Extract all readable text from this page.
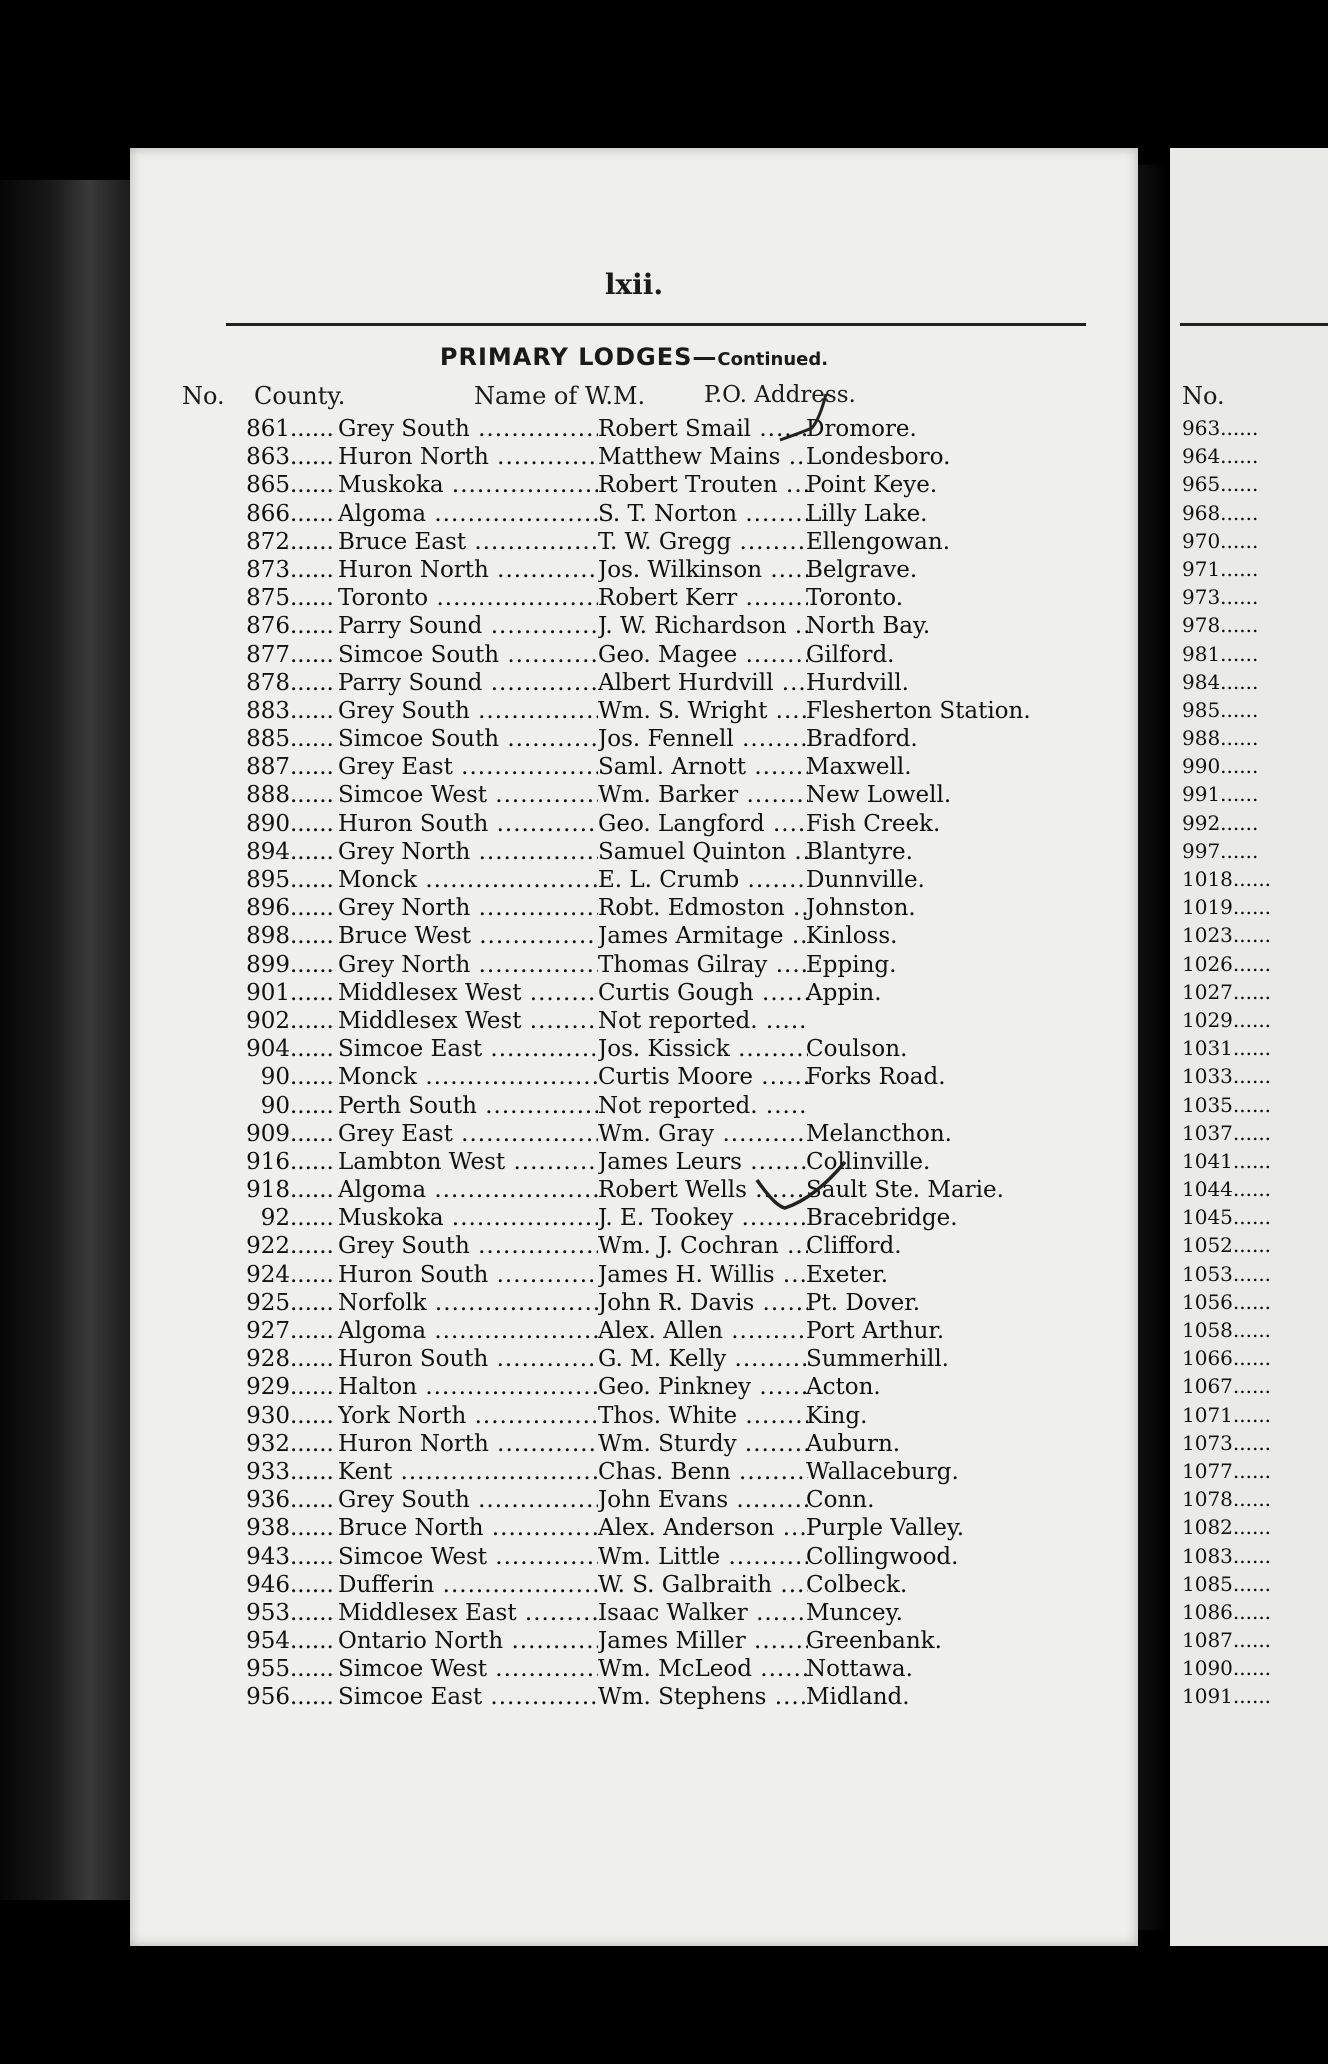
lxii.
PRIMARY LODGES—Continued.
No. County.	Name of W.M.	P.O. Address.
861 ...... Grey South .....	Robert Smail .....	Dromore.
863 ...... Huron North .....	Matthew Mains .....	Londesboro.
865 ...... Muskoka .....	Robert Trouten .....	Point Keye.
866 ...... Algoma .....	S. T. Norton .....	Lilly Lake.
872 ...... Bruce East .....	T. W. Gregg .....	Ellengowan.
873 ...... Huron North .....	Jos. Wilkinson .....	Belgrave.
875 ...... Toronto .....	Robert Kerr .....	Toronto.
876 ...... Parry Sound .....	J. W. Richardson ..... North Bay.
877 ...... Simcoe South .....	Geo. Magee .....	Gilford.
878 ...... Parry Sound .....	Albert Hurdvill .....	Hurdvill.
883 ...... Grey South .....	Wm. S. Wright .....	Flesherton Station.
885 ...... Simcoe South .....	Jos. Fennell .....	Bradford.
887 ...... Grey East .....	Saml. Arnott .....	Maxwell.
888 ...... Simcoe West .....	Wm. Barker .....	New Lowell.
890 ...... Huron South .....	Geo. Langford .....	Fish Creek.
894 ...... Grey North .....	Samuel Quinton ..... Blantyre.
895 ...... Monck .....	E. L. Crumb .....	Dunnville.
896 ...... Grey North .....	Robt. Edmoston ..... Johnston.
898 ...... Bruce West .....	James Armitage ..... Kinloss.
899 ...... Grey North .....	Thomas Gilray .....	Epping.
901 ...... Middlesex West .....	Curtis Gough .....	Appin.
902 ...... Middlesex West .....	Not reported. .....
904 ...... Simcoe East .....	Jos. Kissick .....	Coulson.
90 ...... Monck .....	Curtis Moore .....	Forks Road.
90 ...... Perth South .....	Not reported. .....
909 ...... Grey East .....	Wm. Gray .....	Melancthon.
916 ...... Lambton West .....	James Leurs .....	Collinville.
918 ...... Algoma .....	Robert Wells .....	Sault Ste. Marie.
92 ...... Muskoka .....	J. E. Tookey .....	Bracebridge.
922 ...... Grey South .....	Wm. J. Cochran .....	Clifford.
924 ...... Huron South .....	James H. Willis .....	Exeter.
925 ...... Norfolk .....	John R. Davis .....	Pt. Dover.
927 ...... Algoma .....	Alex. Allen .....	Port Arthur.
928 ...... Huron South .....	G. M. Kelly .....	Summerhill.
929 ...... Halton .....	Geo. Pinkney .....	Acton.
930 ...... York North .....	Thos. White .....	King.
932 ...... Huron North .....	Wm. Sturdy .....	Auburn.
933 ...... Kent .....	Chas. Benn .....	Wallaceburg.
936 ...... Grey South .....	John Evans .....	Conn.
938 ...... Bruce North .....	Alex. Anderson .....	Purple Valley.
943 ...... Simcoe West .....	Wm. Little .....	Collingwood.
946 ...... Dufferin .....	W. S. Galbraith .....	Colbeck.
953 ...... Middlesex East .....	Isaac Walker .....	Muncey.
954 ...... Ontario North .....	James Miller .....	Greenbank.
955 ...... Simcoe West .....	Wm. McLeod .....	Nottawa.
956 ...... Simcoe East .....	Wm. Stephens .....	Midland.
No.
963......
964......
965......
968......
970......
971......
973......
978......
981......
984......
985......
988......
990......
991......
992......
997......
1018......
1019......
1023......
1026......
1027......
1029......
1031......
1033......
1035......
1037......
1041......
1044......
1045......
1052......
1053......
1056......
1058......
1066......
1067......
1071......
1073......
1077......
1078......
1082......
1083......
1085......
1086......
1087......
1090......
1091......
